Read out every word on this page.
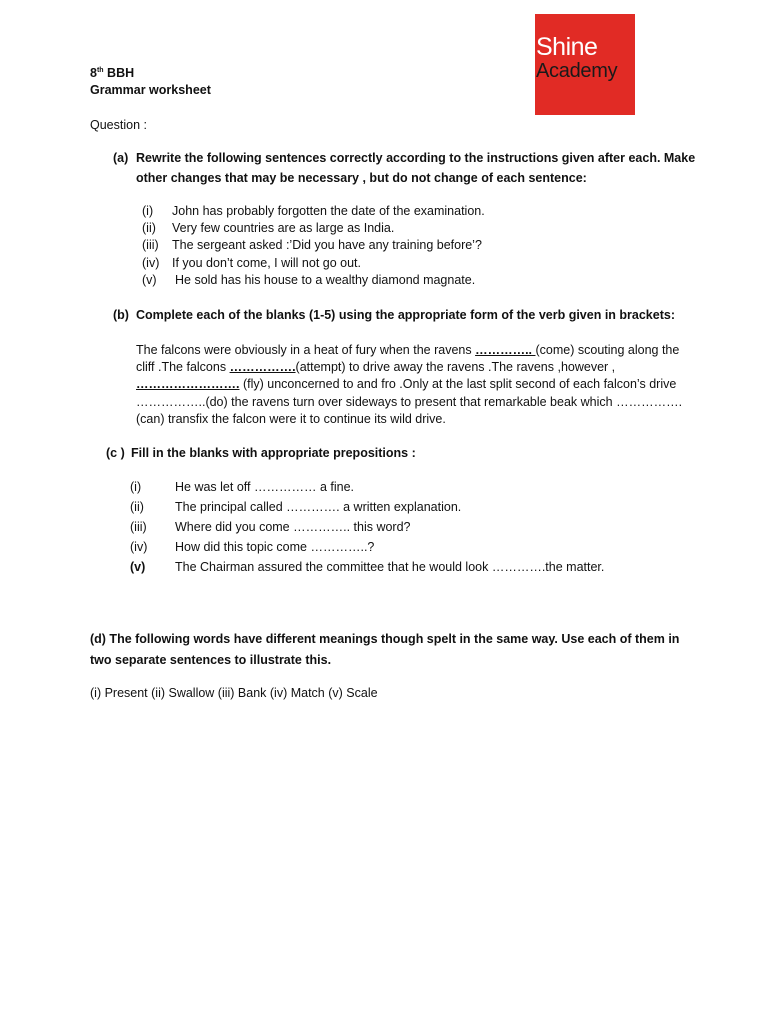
Shine
Academy
8th BBH
Grammar worksheet
Question :
(a) Rewrite the following sentences correctly according to the instructions given after each. Make
other changes that may be necessary , but do not change of each sentence:
(i) John has probably forgotten the date of the examination.
(ii) Very few countries are as large as India.
(iii) The sergeant asked :’Did you have any training before’?
(iv) If you don’t come, I will not go out.
(v) He sold has his house to a wealthy diamond magnate.
(b) Complete each of the blanks (1-5) using the appropriate form of the verb given in brackets:
The falcons were obviously in a heat of fury when the ravens ………….. (come) scouting along the
cliff .The falcons …………….(attempt) to drive away the ravens .The ravens ,however ,
……………………. (fly) unconcerned to and fro .Only at the last split second of each falcon’s drive
……………..(do) the ravens turn over sideways to present that remarkable beak which …………….
(can) transfix the falcon were it to continue its wild drive.
(c ) Fill in the blanks with appropriate prepositions :
(i)	He was let off …………… a fine.
(ii) The principal called …………. a written explanation.
(iii) Where did you come ………….. this word?
(iv) How did this topic come …………..?
(v) The Chairman assured the committee that he would look ………….the matter.
(d) The following words have different meanings though spelt in the same way. Use each of them in
two separate sentences to illustrate this.
(i) Present (ii) Swallow (iii) Bank (iv) Match (v) Scale
